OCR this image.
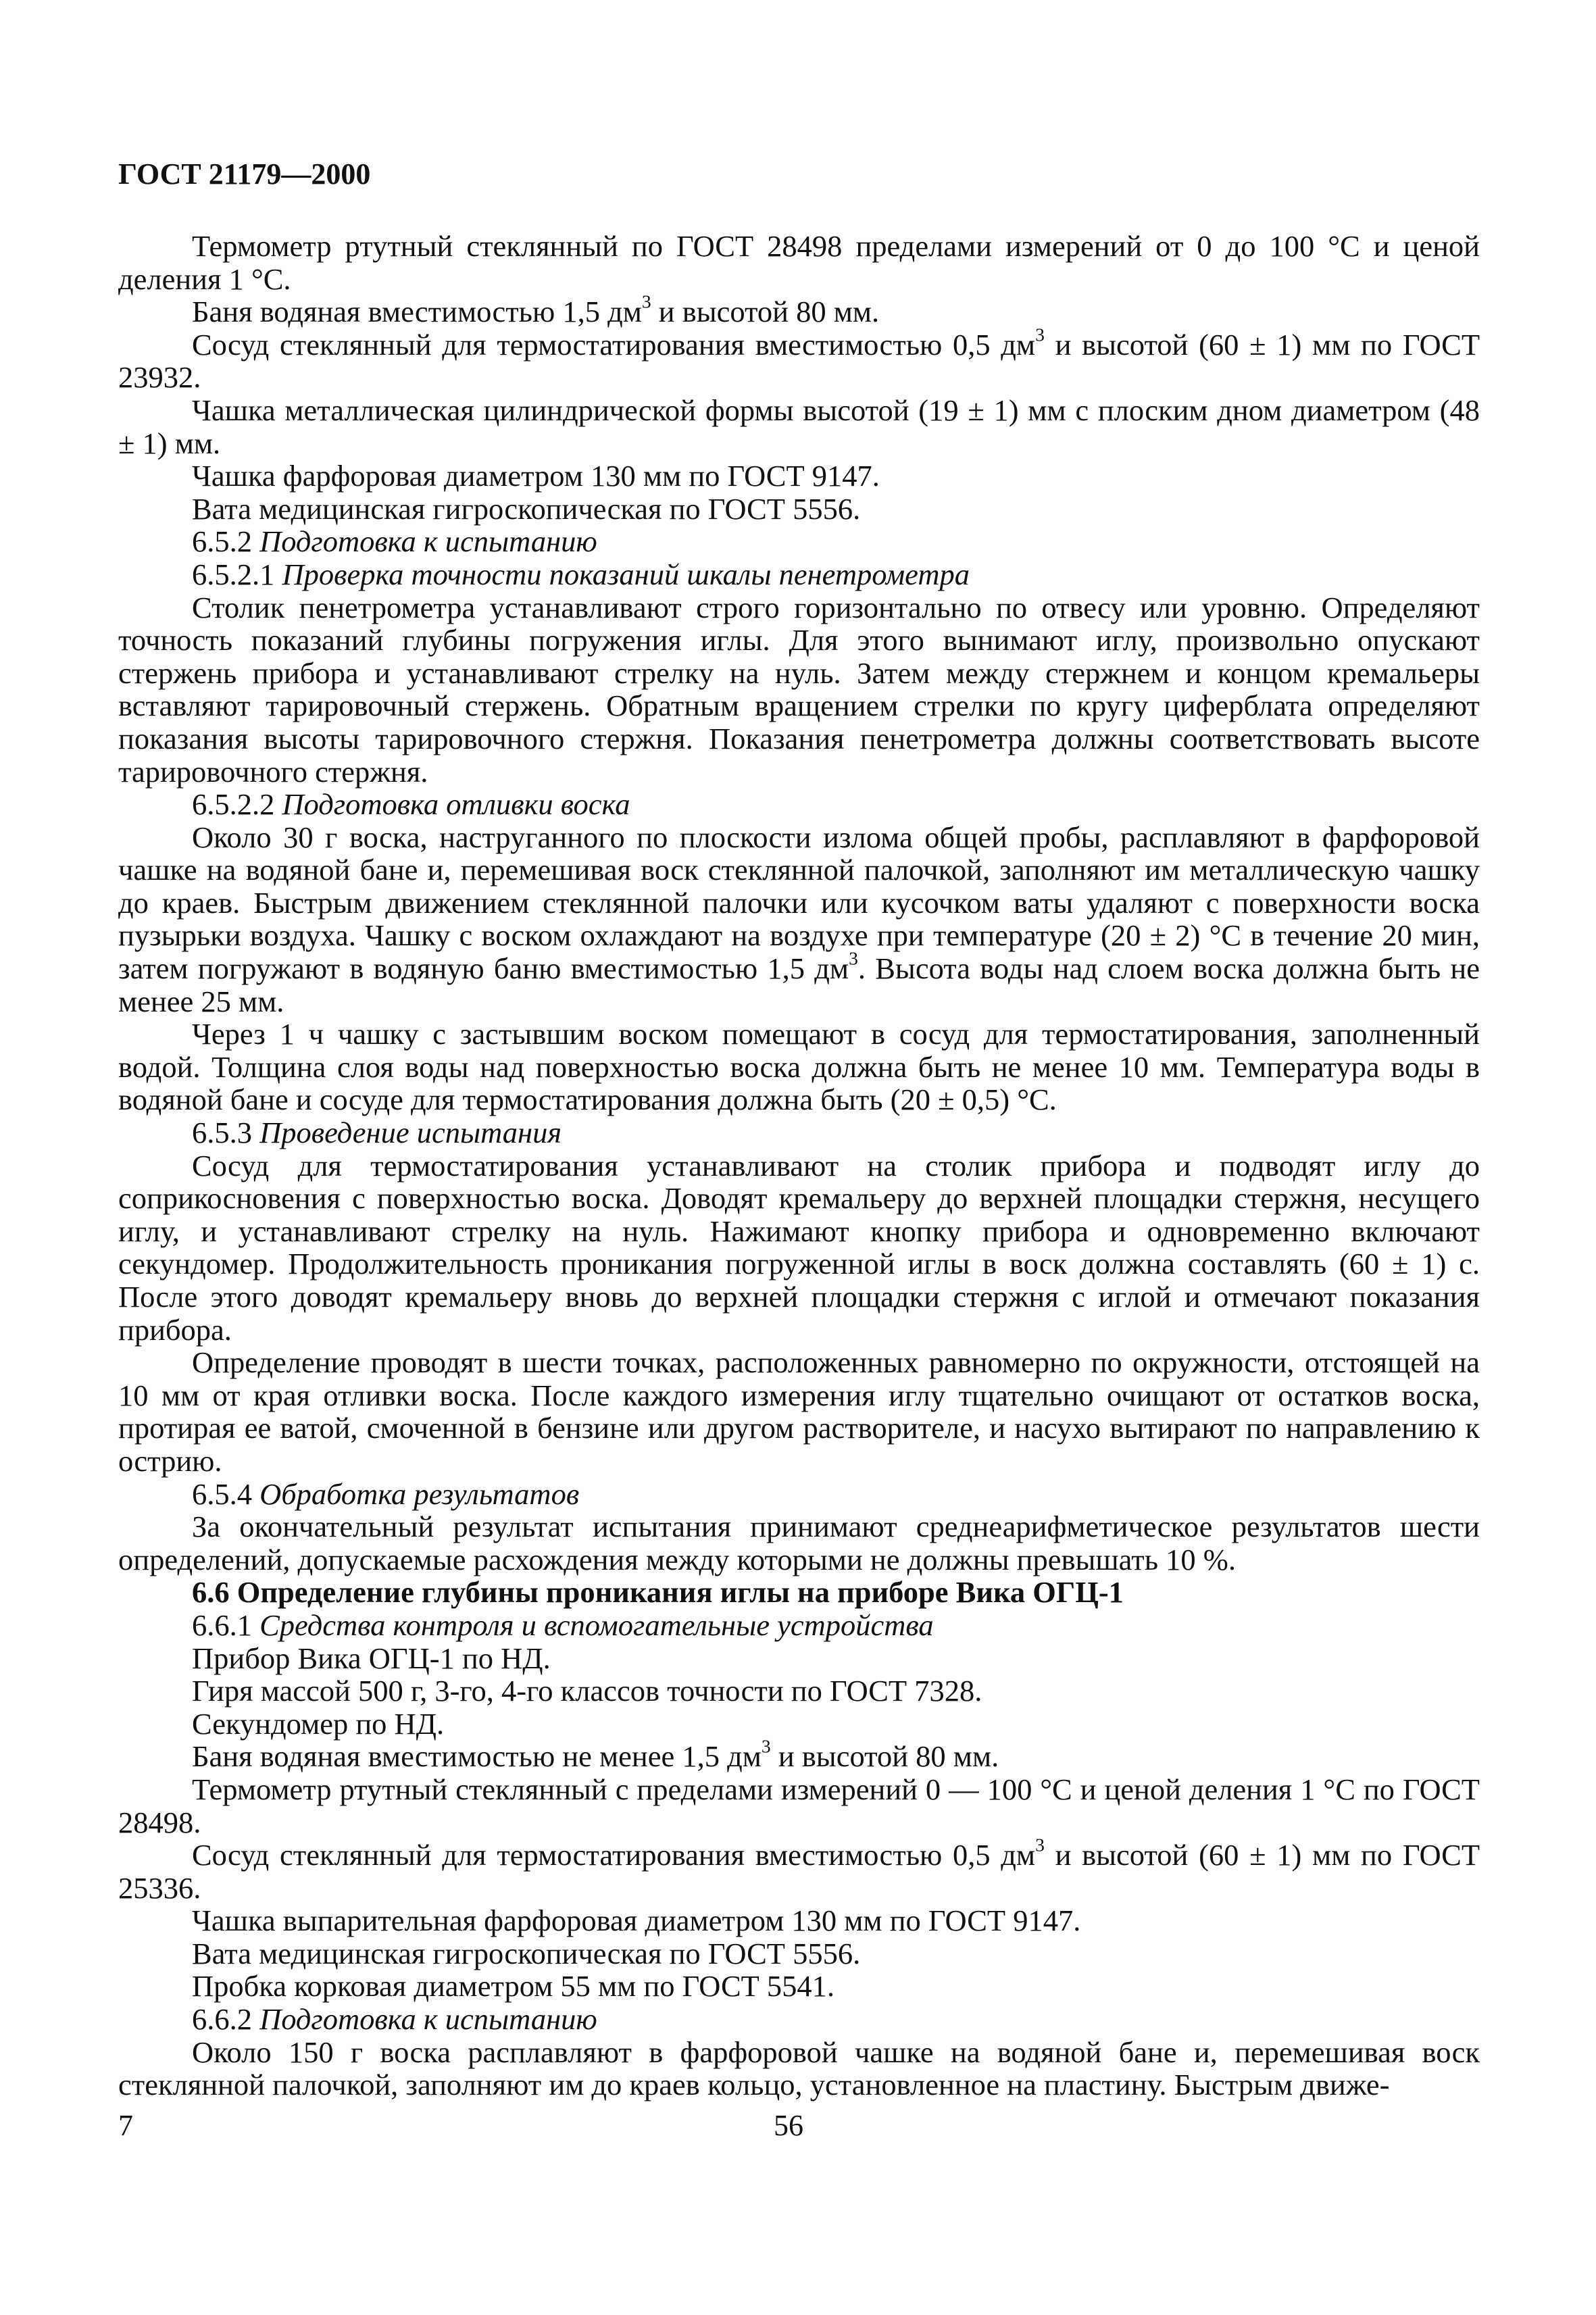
ГОСТ 21179—2000

Термометр ртутный стеклянный по ГОСТ 28498 пределами измерений от 0 до 100 °С и ценой деления 1 °С.

Баня водяная вместимостью 1,5 $дм^3$ и высотой 80 мм.

Сосуд стеклянный для термостатирования вместимостью 0,5 $дм^3$ и высотой (60 ± 1) мм по ГОСТ 23932.

Чашка металлическая цилиндрической формы высотой (19 ± 1) мм с плоским дном диаметром (48 ± 1) мм.

Чашка фарфоровая диаметром 130 мм по ГОСТ 9147.

Вата медицинская гигроскопическая по ГОСТ 5556.

6.5.2 Подготовка к испытанию

6.5.2.1 Проверка точности показаний шкалы пенетрометра

Столик пенетрометра устанавливают строго горизонтально по отвесу или уровню. Определяют точность показаний глубины погружения иглы. Для этого вынимают иглу, произвольно опускают стержень прибора и устанавливают стрелку на нуль. Затем между стержнем и концом кремальеры вставляют тарировочный стержень. Обратным вращением стрелки по кругу циферблата определяют показания высоты тарировочного стержня. Показания пенетрометра должны соответствовать высоте тарировочного стержня.

6.5.2.2 Подготовка отливки воска

Около 30 г воска, наструганного по плоскости излома общей пробы, расплавляют в фарфоровой чашке на водяной бане и, перемешивая воск стеклянной палочкой, заполняют им металлическую чашку до краев. Быстрым движением стеклянной палочки или кусочком ваты удаляют с поверхности воска пузырьки воздуха. Чашку с воском охлаждают на воздухе при температуре (20 ± 2) °С в течение 20 мин, затем погружают в водяную баню вместимостью 1,5 $дм^3$. Высота воды над слоем воска должна быть не менее 25 мм.

Через 1 ч чашку с застывшим воском помещают в сосуд для термостатирования, заполненный водой. Толщина слоя воды над поверхностью воска должна быть не менее 10 мм. Температура воды в водяной бане и сосуде для термостатирования должна быть (20 ± 0,5) °С.

6.5.3 Проведение испытания

Сосуд для термостатирования устанавливают на столик прибора и подводят иглу до соприкосновения с поверхностью воска. Доводят кремальеру до верхней площадки стержня, несущего иглу, и устанавливают стрелку на нуль. Нажимают кнопку прибора и одновременно включают секундомер. Продолжительность проникания погруженной иглы в воск должна составлять (60 ± 1) с. После этого доводят кремальеру вновь до верхней площадки стержня с иглой и отмечают показания прибора.

Определение проводят в шести точках, расположенных равномерно по окружности, отстоящей на 10 мм от края отливки воска. После каждого измерения иглу тщательно очищают от остатков воска, протирая ее ватой, смоченной в бензине или другом растворителе, и насухо вытирают по направлению к острию.

6.5.4 Обработка результатов

За окончательный результат испытания принимают среднеарифметическое результатов шести определений, допускаемые расхождения между которыми не должны превышать 10 %.

6.6 Определение глубины проникания иглы на приборе Вика ОГЦ-1

6.6.1 Средства контроля и вспомогательные устройства

Прибор Вика ОГЦ-1 по НД.

Гиря массой 500 г, 3-го, 4-го классов точности по ГОСТ 7328.

Секундомер по НД.

Баня водяная вместимостью не менее 1,5 $дм^3$ и высотой 80 мм.

Термометр ртутный стеклянный с пределами измерений 0 — 100 °С и ценой деления 1 °С по ГОСТ 28498.

Сосуд стеклянный для термостатирования вместимостью 0,5 $дм^3$ и высотой (60 ± 1) мм по ГОСТ 25336.

Чашка выпарительная фарфоровая диаметром 130 мм по ГОСТ 9147.

Вата медицинская гигроскопическая по ГОСТ 5556.

Пробка корковая диаметром 55 мм по ГОСТ 5541.

6.6.2 Подготовка к испытанию

Около 150 г воска расплавляют в фарфоровой чашке на водяной бане и, перемешивая воск стеклянной палочкой, заполняют им до краев кольцо, установленное на пластину. Быстрым движе-

7	56
